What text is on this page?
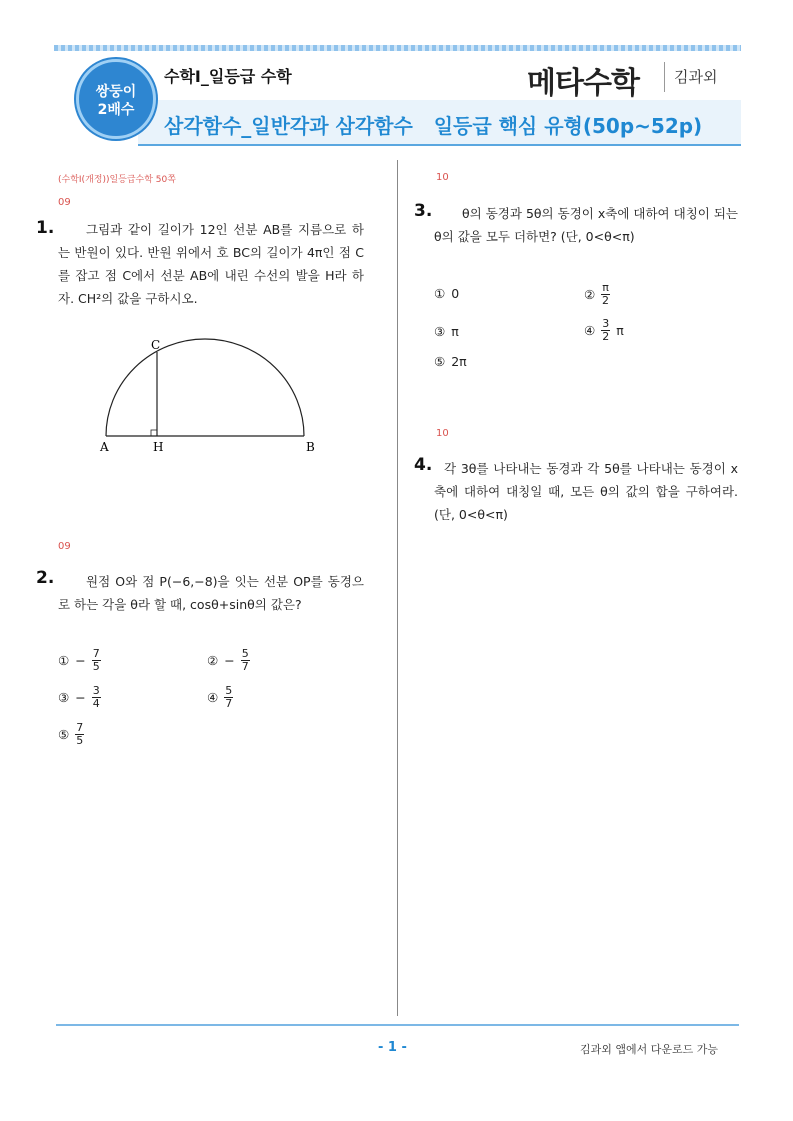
쌍둥이
2배수
수학Ⅰ_일등급 수학
삼각함수_일반각과 삼각함수   일등급 핵심 유형(50p~52p)
메타수학 김과외
(수학Ⅰ(개정))일등급수학 50쪽
09
1.	그림과 같이 길이가 12인 선분 AB를 지름으로 하는 반원이 있다. 반원 위에서 호 BC의 길이가 4π인 점 C를 잡고 점 C에서 선분 AB에 내린 수선의 발을 H라 하자. CH²의 값을 구하시오.
C
A	H	B
09
2.	원점 O와 점 P(−6,−8)을 잇는 선분 OP를 동경으로 하는 각을 θ라 할 때, cosθ+sinθ의 값은?
① − $\frac{7}{5}$	② − $\frac{5}{7}$
③ − $\frac{3}{4}$	④ $\frac{5}{7}$
⑤ $\frac{7}{5}$
10
3.	θ의 동경과 5θ의 동경이 x축에 대하여 대칭이 되는 θ의 값을 모두 더하면? (단, 0<θ<π)
① 0	② $\frac{\pi}{2}$
③ π	④ $\frac{3}{2}$ π
⑤ 2π
10
4. 각 3θ를 나타내는 동경과 각 5θ를 나타내는 동경이 x축에 대하여 대칭일 때, 모든 θ의 값의 합을 구하여라. (단, 0<θ<π)
- 1 -	김과외 앱에서 다운로드 가능
